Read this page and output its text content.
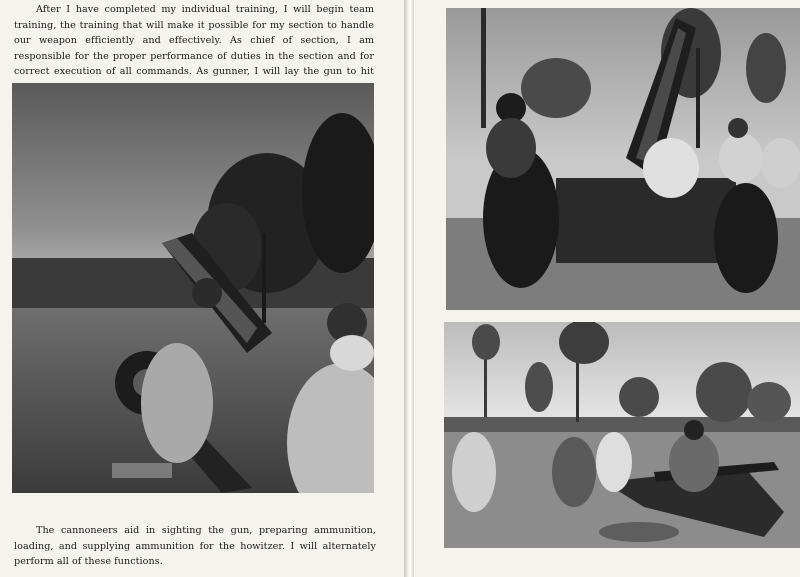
After I have completed my individual training, I will begin team training, the training that will make it possible for my section to handle our weapon efficiently and effectively. As chief of section, I am responsible for the proper performance of duties in the section and for correct execution of all commands. As gunner, I will lay the gun to hit

The cannoneers aid in sighting the gun, preparing ammunition, loading, and supplying ammunition for the howitzer. I will alternately perform all of these functions.
